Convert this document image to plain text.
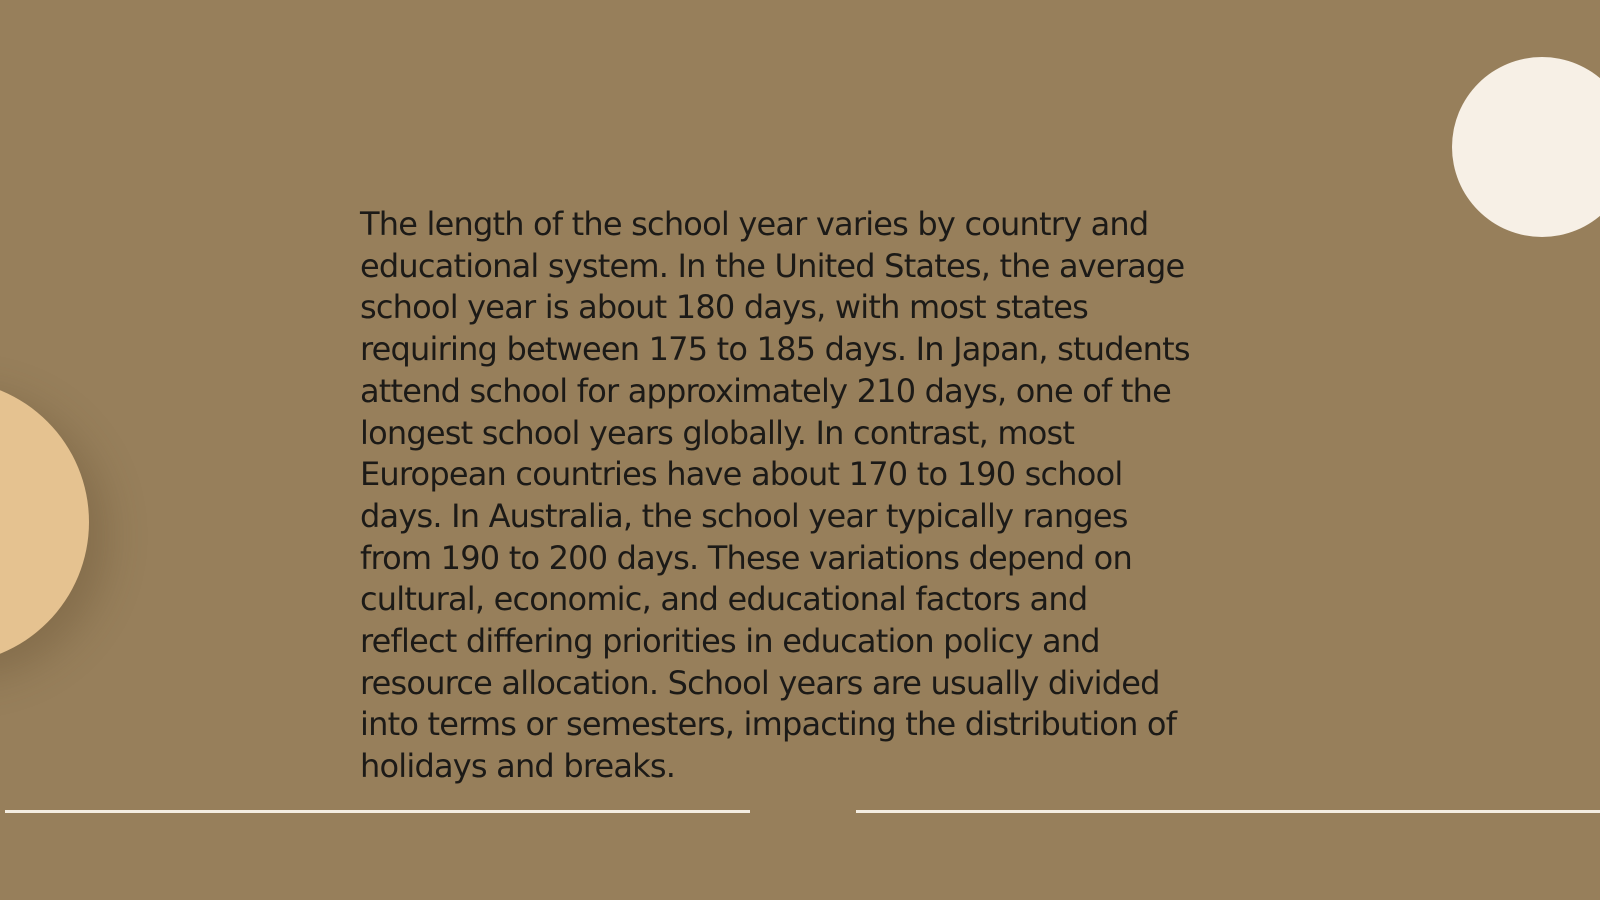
The length of the school year varies by country and
educational system. In the United States, the average
school year is about 180 days, with most states
requiring between 175 to 185 days. In Japan, students
attend school for approximately 210 days, one of the
longest school years globally. In contrast, most
European countries have about 170 to 190 school
days. In Australia, the school year typically ranges
from 190 to 200 days. These variations depend on
cultural, economic, and educational factors and
reflect differing priorities in education policy and
resource allocation. School years are usually divided
into terms or semesters, impacting the distribution of
holidays and breaks.
